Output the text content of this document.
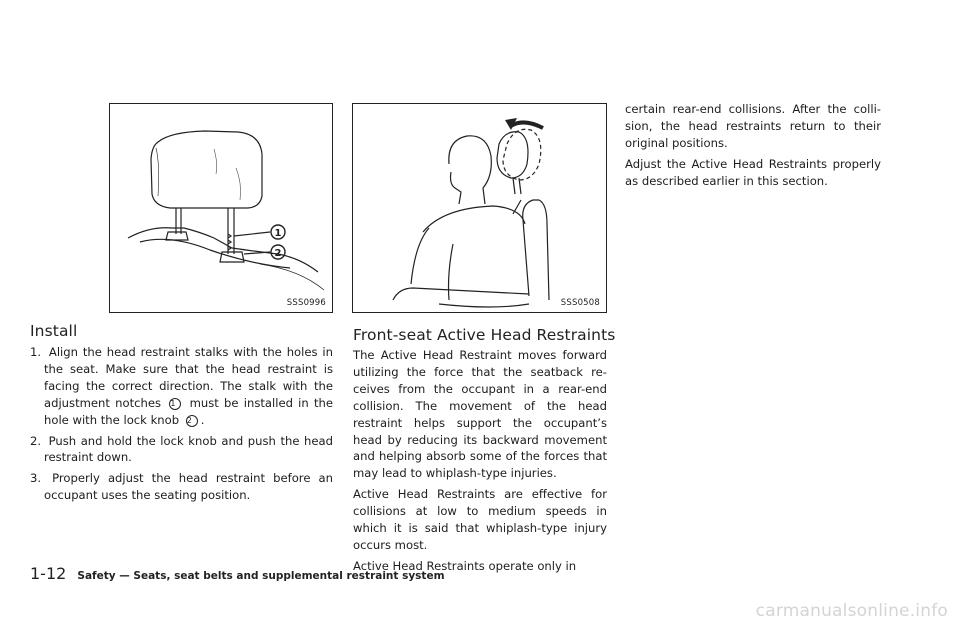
1
2
SSS0996	SSS0508
Install
1. Align the head restraint stalks with the holes in the seat. Make sure that the head restraint is facing the correct direction. The stalk with the adjustment notches 1 must be installed in the hole with the lock knob 2 .
2. Push and hold the lock knob and push the head restraint down.
3. Properly adjust the head restraint before an occupant uses the seating position.
Front-seat Active Head Restraints

The Active Head Restraint moves forward utilizing the force that the seatback re-ceives from the occupant in a rear-end collision. The movement of the head restraint helps support the occupant’s head by reducing its backward movement and helping absorb some of the forces that may lead to whiplash-type injuries.

Active Head Restraints are effective for collisions at low to medium speeds in which it is said that whiplash-type injury occurs most.

Active Head Restraints operate only in

certain rear-end collisions. After the colli-sion, the head restraints return to their original positions.

Adjust the Active Head Restraints properly as described earlier in this section.

1-12 Safety — Seats, seat belts and supplemental restraint system
carmanualsonline.info
